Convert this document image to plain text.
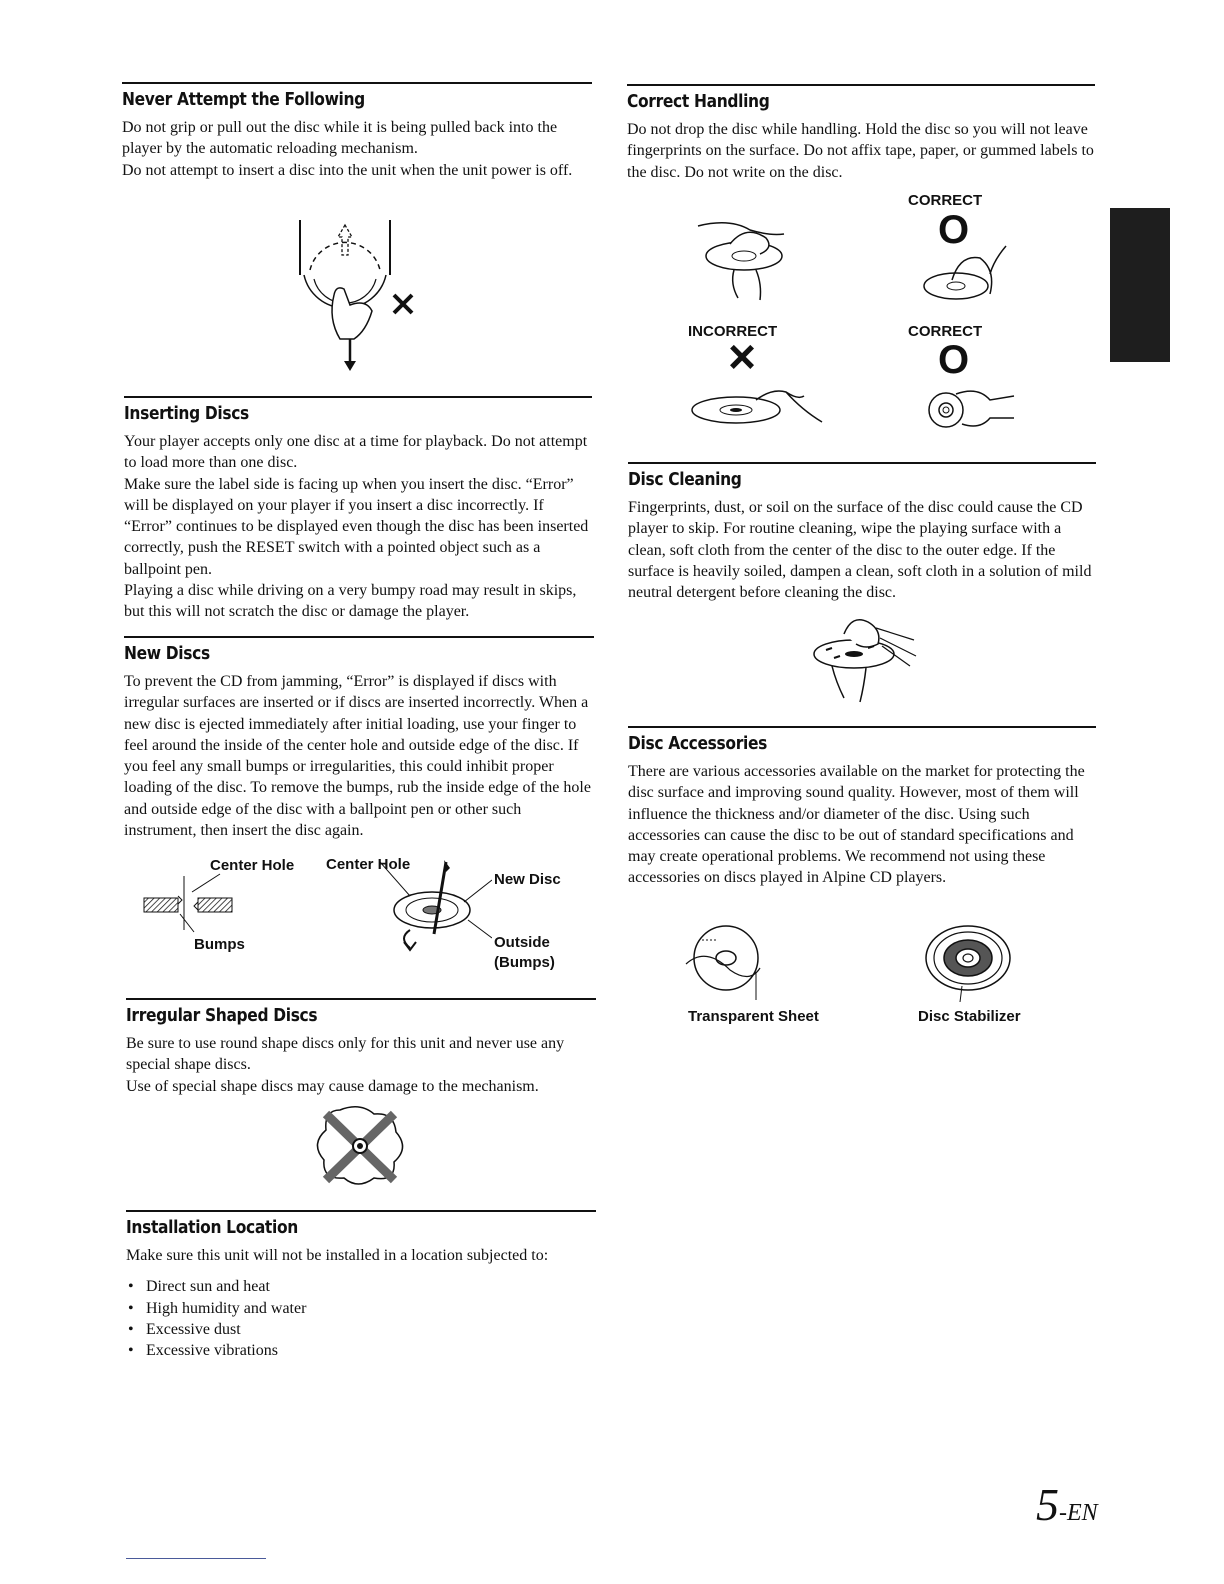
Never Attempt the Following

Do not grip or pull out the disc while it is being pulled back into the player by the automatic reloading mechanism.

Do not attempt to insert a disc into the unit when the unit power is off.

Inserting Discs

Your player accepts only one disc at a time for playback. Do not attempt to load more than one disc.

Make sure the label side is facing up when you insert the disc. “Error” will be displayed on your player if you insert a disc incorrectly. If “Error” continues to be displayed even though the disc has been inserted correctly, push the RESET switch with a pointed object such as a ballpoint pen.

Playing a disc while driving on a very bumpy road may result in skips, but this will not scratch the disc or damage the player.

New Discs

To prevent the CD from jamming, “Error” is displayed if discs with irregular surfaces are inserted or if discs are inserted incorrectly. When a new disc is ejected immediately after initial loading, use your finger to feel around the inside of the center hole and outside edge of the disc. If you feel any small bumps or irregularities, this could inhibit proper loading of the disc. To remove the bumps, rub the inside edge of the hole and outside edge of the disc with a ballpoint pen or other such instrument, then insert the disc again.

Center Hole Center Hole
New Disc
Bumps	Outside
(Bumps)
Irregular Shaped Discs

Be sure to use round shape discs only for this unit and never use any special shape discs.

Use of special shape discs may cause damage to the mechanism.

Installation Location

Make sure this unit will not be installed in a location subjected to:

• Direct sun and heat
• High humidity and water
• Excessive dust
• Excessive vibrations
Correct Handling

Do not drop the disc while handling. Hold the disc so you will not leave fingerprints on the surface. Do not affix tape, paper, or gummed labels to the disc. Do not write on the disc.

CORRECT
INCORRECT	CORRECT
O
O
×
Disc Cleaning

Fingerprints, dust, or soil on the surface of the disc could cause the CD player to skip. For routine cleaning, wipe the playing surface with a clean, soft cloth from the center of the disc to the outer edge. If the surface is heavily soiled, dampen a clean, soft cloth in a solution of mild neutral detergent before cleaning the disc.

Disc Accessories

There are various accessories available on the market for protecting the disc surface and improving sound quality. However, most of them will influence the thickness and/or diameter of the disc. Using such accessories can cause the disc to be out of standard specifications and may create operational problems. We recommend not using these accessories on discs played in Alpine CD players.

Transparent Sheet	Disc Stabilizer
5-EN
